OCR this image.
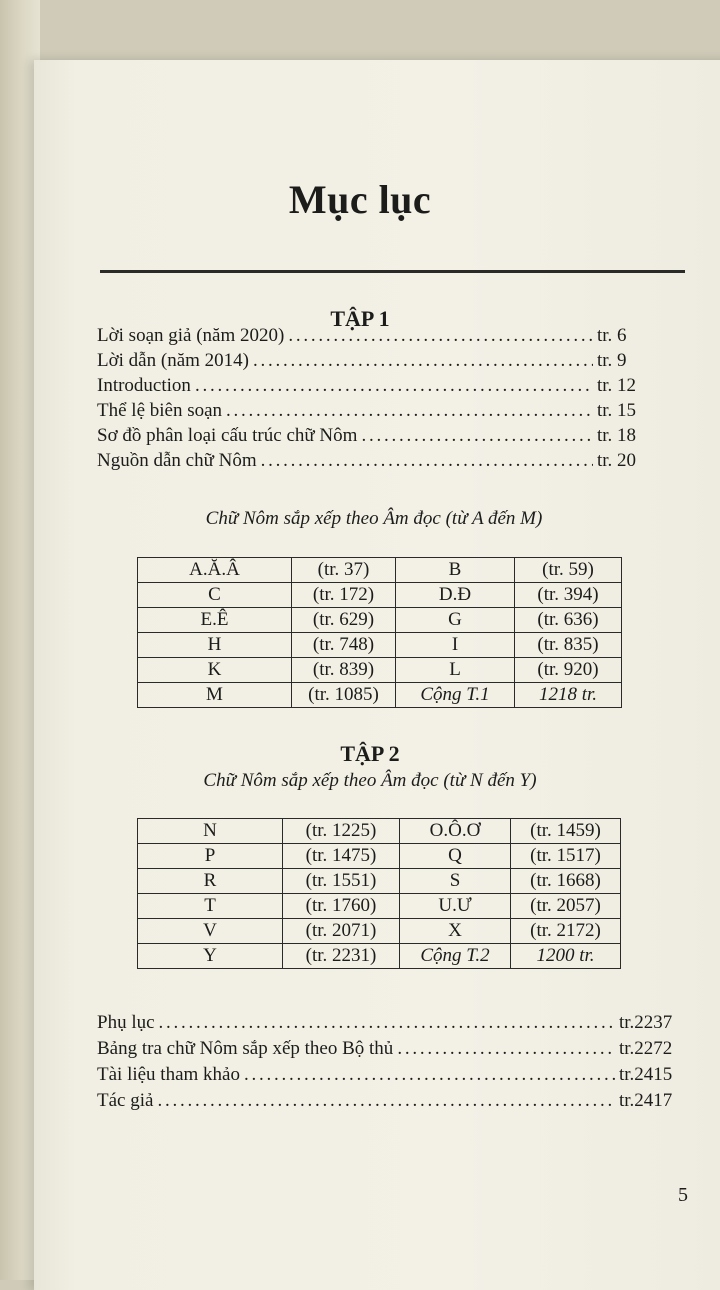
Mục lục
TẬP 1
Lời soạn giả (năm 2020) . . .	tr. 6
Lời dẫn (năm 2014) . . .	tr. 9
Introduction . . .	tr. 12
Thể lệ biên soạn . . .	tr. 15
Sơ đồ phân loại cấu trúc chữ Nôm . . .	tr. 18
Nguồn dẫn chữ Nôm . . .	tr. 20
Chữ Nôm sắp xếp theo Âm đọc (từ A đến M)
A.Ă.Â	(tr. 37)	B	(tr. 59)
C	(tr. 172)	D.Đ	(tr. 394)
E.Ê	(tr. 629)	G	(tr. 636)
H	(tr. 748)	I	(tr. 835)
K	(tr. 839)	L	(tr. 920)
M	(tr. 1085)	Cộng T.1	1218 tr.
TẬP 2
Chữ Nôm sắp xếp theo Âm đọc (từ N đến Y)
N	(tr. 1225)	O.Ô.Ơ	(tr. 1459)
P	(tr. 1475)	Q	(tr. 1517)
R	(tr. 1551)	S	(tr. 1668)
T	(tr. 1760)	U.Ư	(tr. 2057)
V	(tr. 2071)	X	(tr. 2172)
Y	(tr. 2231)	Cộng T.2	1200 tr.
Phụ lục . . .	tr.2237
Bảng tra chữ Nôm sắp xếp theo Bộ thủ . . .	tr.2272
Tài liệu tham khảo . . .	tr.2415
Tác giả . . .	tr.2417
5
